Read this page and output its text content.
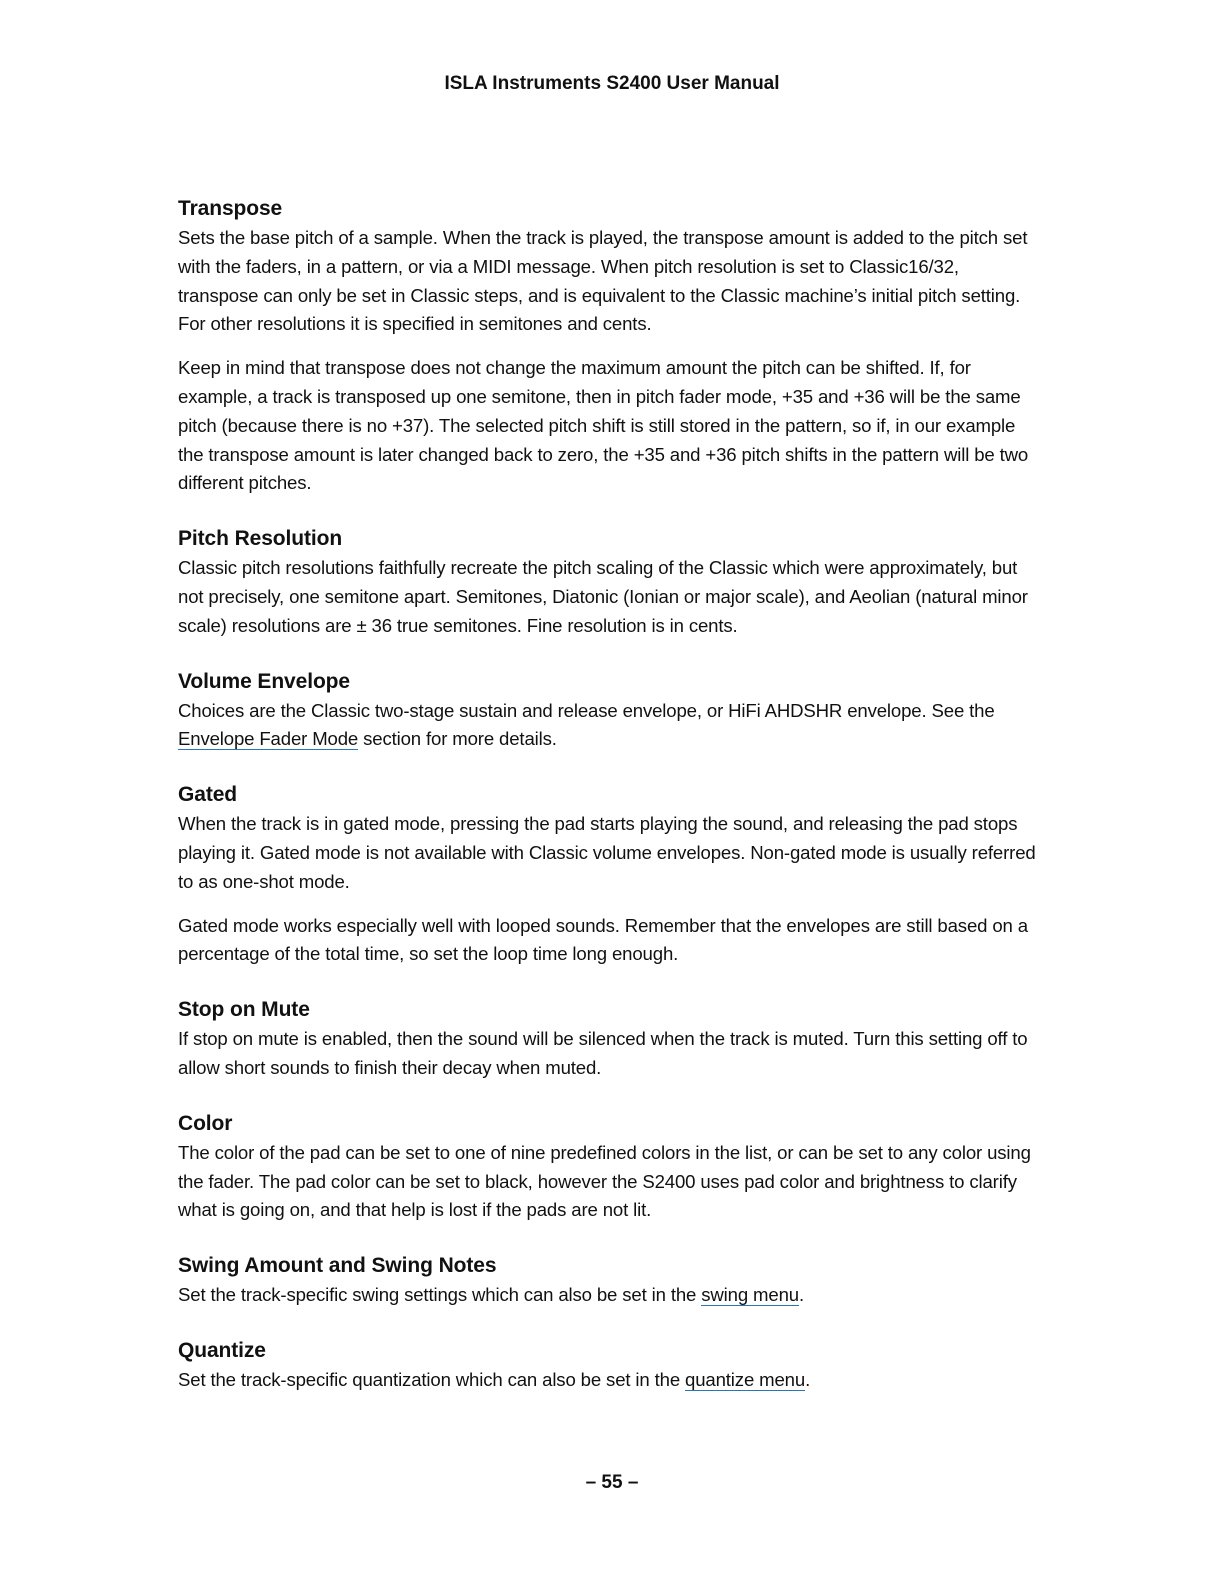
ISLA Instruments S2400 User Manual
Transpose

Sets the base pitch of a sample. When the track is played, the transpose amount is added to the pitch set with the faders, in a pattern, or via a MIDI message. When pitch resolution is set to Classic16/32, transpose can only be set in Classic steps, and is equivalent to the Classic machine’s initial pitch setting. For other resolutions it is specified in semitones and cents.

Keep in mind that transpose does not change the maximum amount the pitch can be shifted. If, for example, a track is transposed up one semitone, then in pitch fader mode, +35 and +36 will be the same pitch (because there is no +37). The selected pitch shift is still stored in the pattern, so if, in our example the transpose amount is later changed back to zero, the +35 and +36 pitch shifts in the pattern will be two different pitches.

Pitch Resolution

Classic pitch resolutions faithfully recreate the pitch scaling of the Classic which were approximately, but not precisely, one semitone apart. Semitones, Diatonic (Ionian or major scale), and Aeolian (natural minor scale) resolutions are ± 36 true semitones. Fine resolution is in cents.

Volume Envelope

Choices are the Classic two-stage sustain and release envelope, or HiFi AHDSHR envelope. See the Envelope Fader Mode section for more details.

Gated

When the track is in gated mode, pressing the pad starts playing the sound, and releasing the pad stops playing it. Gated mode is not available with Classic volume envelopes. Non-gated mode is usually referred to as one-shot mode.

Gated mode works especially well with looped sounds. Remember that the envelopes are still based on a percentage of the total time, so set the loop time long enough.

Stop on Mute

If stop on mute is enabled, then the sound will be silenced when the track is muted. Turn this setting off to allow short sounds to finish their decay when muted.

Color

The color of the pad can be set to one of nine predefined colors in the list, or can be set to any color using the fader. The pad color can be set to black, however the S2400 uses pad color and brightness to clarify what is going on, and that help is lost if the pads are not lit.

Swing Amount and Swing Notes

Set the track-specific swing settings which can also be set in the swing menu.

Quantize

Set the track-specific quantization which can also be set in the quantize menu.

– 55 –
